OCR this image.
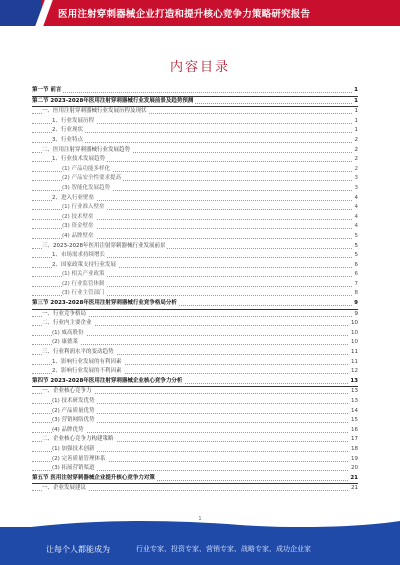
医用注射穿刺器械企业打造和提升核心竞争力策略研究报告
内容目录
第一节 前言	1
第二节 2023-2028年医用注射穿刺器械行业发展前景及趋势预测	1
一、医用注射穿刺器械行业发展历程及现状	1
1、行业发展历程	1
2、行业现状	1
3、行业特点	2
二、医用注射穿刺器械行业发展趋势	2
1、行业技术发展趋势	2
(1) 产品功能多样化	2
(2) 产品安全性要求提高	3
(3) 智能化发展趋势	3
2、进入行业壁垒	4
(1) 行业准入壁垒	4
(2) 技术壁垒	4
(3) 资金壁垒	4
(4) 品牌壁垒	5
三、2023-2028年医用注射穿刺器械行业发展前景	5
1、市场需求持续增长	5
2、国家政策支持行业发展	6
(1) 相关产业政策	6
(2) 行业监管体制	7
(3) 行业主管部门	8
第三节 2023-2028年医用注射穿刺器械行业竞争格局分析	9
一、行业竞争格局	9
二、行业内主要企业	10
(1) 威高股份	10
(2) 康德莱	10
三、行业利润水平的变动趋势	11
1、影响行业发展的有利因素	11
2、影响行业发展的不利因素	12
第四节 2023-2028年医用注射穿刺器械企业核心竞争力分析	13
一、企业核心竞争力	13
(1) 技术研发优势	13
(2) 产品质量优势	14
(3) 营销网络优势	15
(4) 品牌优势	16
二、企业核心竞争力构建策略	17
(1) 加强技术创新	18
(2) 完善质量管理体系	19
(3) 拓展营销渠道	20
第五节 医用注射穿刺器械企业提升核心竞争力对策	21
一、企业发展建议	21
1
让每个人都能成为	行业专家、投资专家、营销专家、战略专家、成功企业家
